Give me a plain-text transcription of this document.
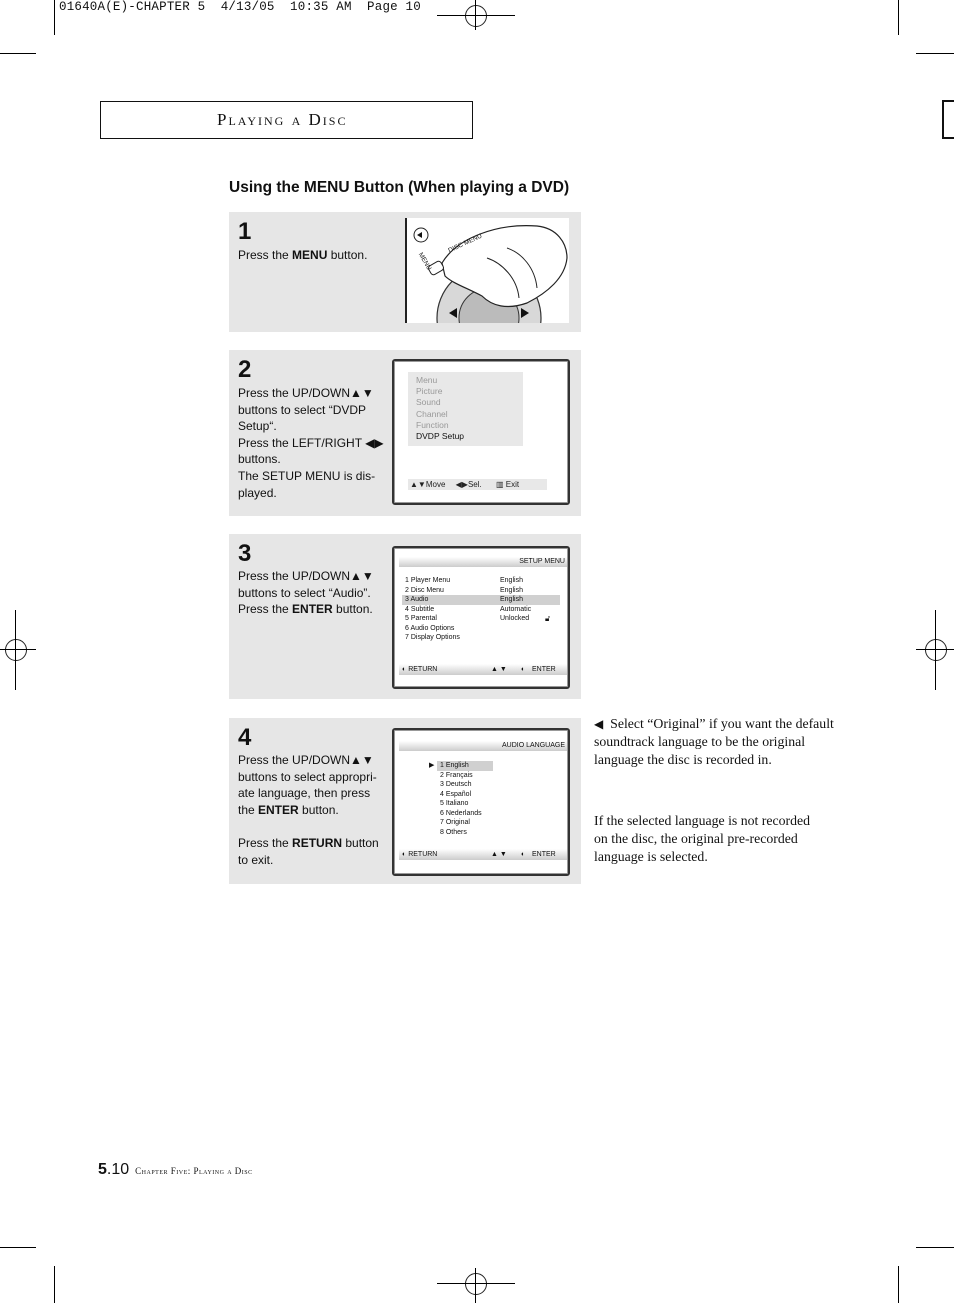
01640A(E)-CHAPTER 5  4/13/05  10:35 AM  Page 10
Playing a Disc
Using the MENU Button (When playing a DVD)
1
Press the MENU button.
DISC MENU
MENU
2
Press the UP/DOWN▲▼
buttons to select “DVDP
Setup“.
Press the LEFT/RIGHT ◀▶
buttons.
The SETUP MENU is dis-
played.
Menu
Picture
Sound
Channel
Function
DVDP Setup
▲▼Move ◀▶Sel. ▥ Exit
3
Press the UP/DOWN▲▼
buttons to select “Audio”.
Press the ENTER button.
SETUP MENU
1 Player Menu	English
2 Disc Menu	English
3 Audio	English
4 Subtitle	Automatic
5 Parental	Unlocked 🔓︎
6 Audio Options
7 Display Options
◐ RETURN	▲ ▼ ◐ ENTER
4
Press the UP/DOWN▲▼
buttons to select appropri-
ate language, then press
the ENTER button.
Press the RETURN button
to exit.
AUDIO LANGUAGE
▶ 1 English
2 Français
3 Deutsch
4 Español
5 Italiano
6 Nederlands
7 Original
8 Others
◐ RETURN	▲ ▼ ◐ ENTER
◀ Select “Original” if you want the default soundtrack language to be the original language the disc is recorded in.
If the selected language is not recorded on the disc, the original pre-recorded language is selected.
5.10 Chapter Five: Playing a Disc
